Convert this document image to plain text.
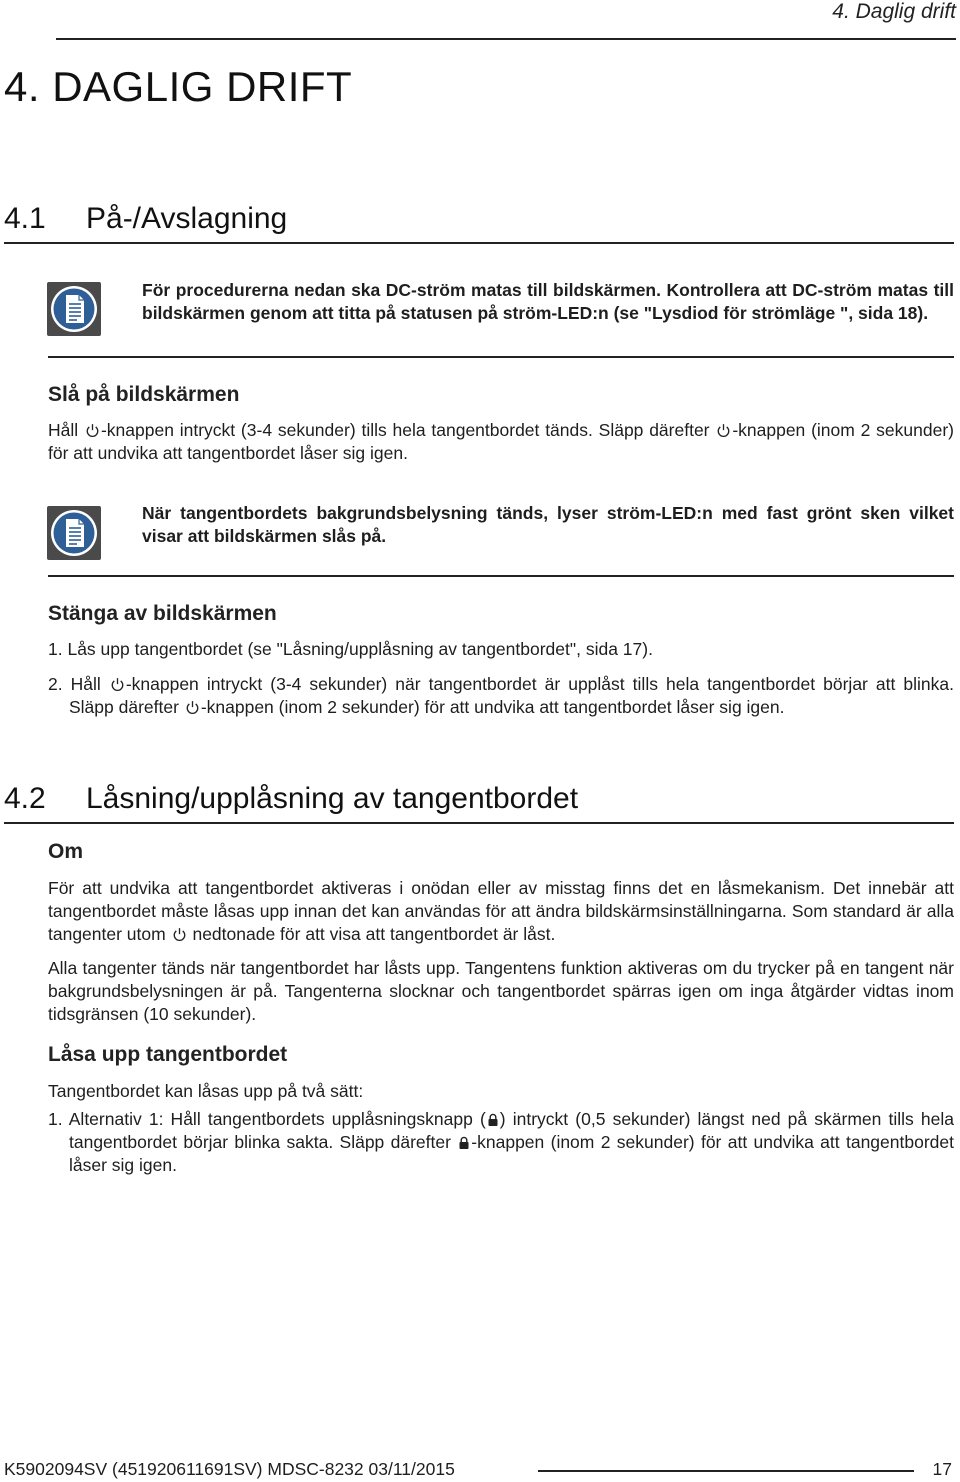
4. Daglig drift
4. DAGLIG DRIFT
4.1 På-/Avslagning
För procedurerna nedan ska DC-ström matas till bildskärmen. Kontrollera att DC-ström matas till bildskärmen genom att titta på statusen på ström-LED:n (se "Lysdiod för strömläge ", sida 18).
Slå på bildskärmen
Håll -knappen intryckt (3-4 sekunder) tills hela tangentbordet tänds. Släpp därefter -knappen (inom 2 sekunder) för att undvika att tangentbordet låser sig igen.
När tangentbordets bakgrundsbelysning tänds, lyser ström-LED:n med fast grönt sken vilket visar att bildskärmen slås på.
Stänga av bildskärmen
1. Lås upp tangentbordet (se "Låsning/upplåsning av tangentbordet", sida 17).
2. Håll -knappen intryckt (3-4 sekunder) när tangentbordet är upplåst tills hela tangentbordet börjar att blinka. Släpp därefter -knappen (inom 2 sekunder) för att undvika att tangentbordet låser sig igen.
4.2 Låsning/upplåsning av tangentbordet
Om
För att undvika att tangentbordet aktiveras i onödan eller av misstag finns det en låsmekanism. Det innebär att tangentbordet måste låsas upp innan det kan användas för att ändra bildskärmsinställningarna. Som standard är alla tangenter utom nedtonade för att visa att tangentbordet är låst.
Alla tangenter tänds när tangentbordet har låsts upp. Tangentens funktion aktiveras om du trycker på en tangent när bakgrundsbelysningen är på. Tangenterna slocknar och tangentbordet spärras igen om inga åtgärder vidtas inom tidsgränsen (10 sekunder).
Låsa upp tangentbordet
Tangentbordet kan låsas upp på två sätt:
1. Alternativ 1: Håll tangentbordets upplåsningsknapp ( ) intryckt (0,5 sekunder) längst ned på skärmen tills hela tangentbordet börjar blinka sakta. Släpp därefter -knappen (inom 2 sekunder) för att undvika att tangentbordet låser sig igen.
K5902094SV (451920611691SV) MDSC-8232 03/11/2015	17
